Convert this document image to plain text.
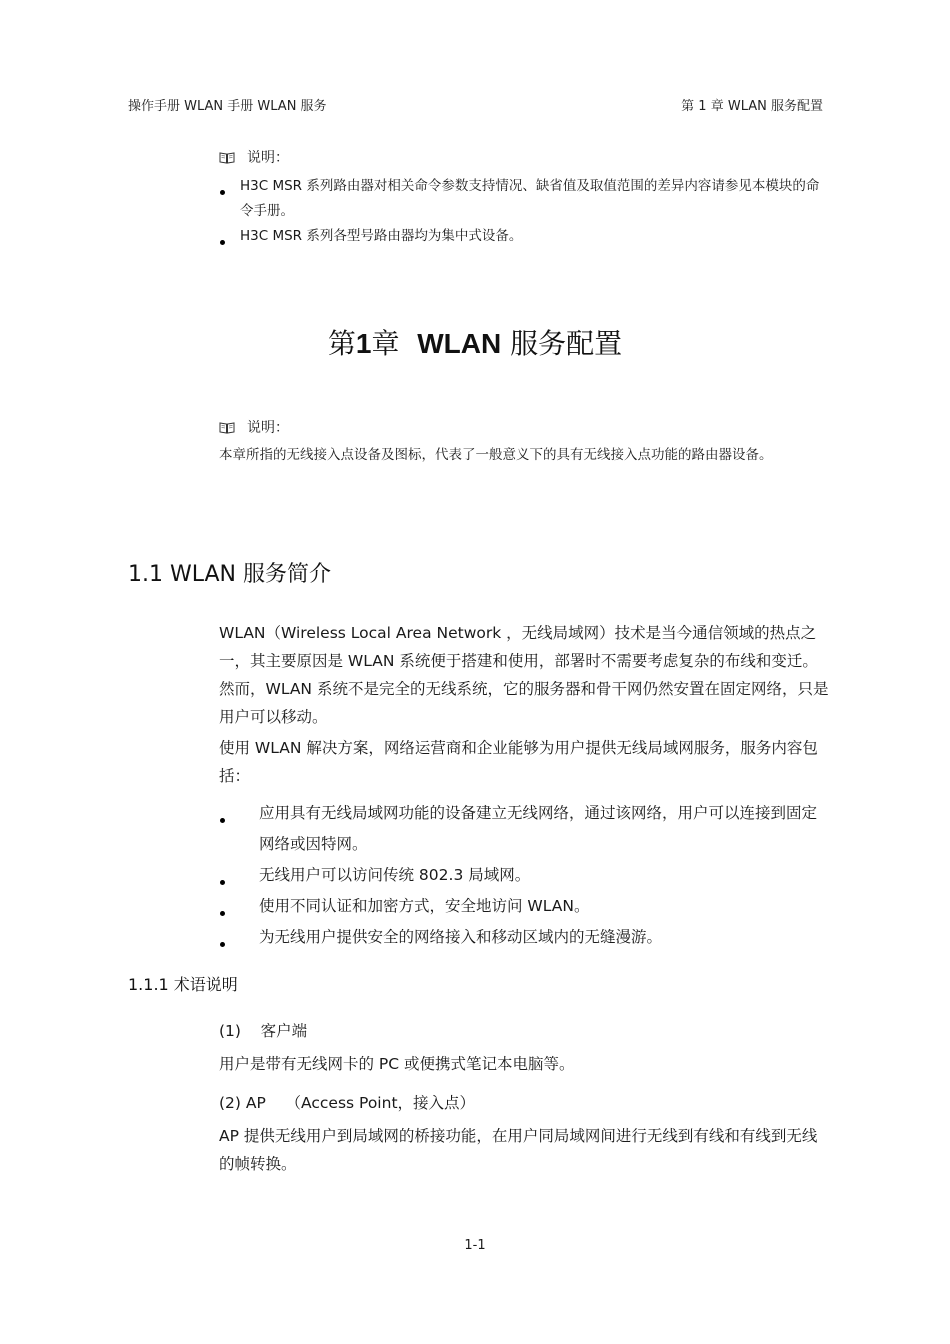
操作手册 WLAN 手册 WLAN 服务	第 1 章 WLAN 服务配置
说明：
H3C MSR 系列路由器对相关命令参数支持情况、缺省值及取值范围的差异内容请参见本模块的命令手册。
H3C MSR 系列各型号路由器均为集中式设备。
第1章  WLAN 服务配置
说明：
本章所指的无线接入点设备及图标，代表了一般意义下的具有无线接入点功能的路由器设备。
1.1 WLAN 服务简介
WLAN（Wireless Local Area Network ，无线局域网）技术是当今通信领域的热点之一，其主要原因是 WLAN 系统便于搭建和使用，部署时不需要考虑复杂的布线和变迁。然而，WLAN 系统不是完全的无线系统，它的服务器和骨干网仍然安置在固定网络，只是用户可以移动。
使用 WLAN 解决方案，网络运营商和企业能够为用户提供无线局域网服务，服务内容包括：
应用具有无线局域网功能的设备建立无线网络，通过该网络，用户可以连接到固定网络或因特网。
无线用户可以访问传统 802.3 局域网。
使用不同认证和加密方式，安全地访问 WLAN。
为无线用户提供安全的网络接入和移动区域内的无缝漫游。
1.1.1 术语说明
(1)    客户端
用户是带有无线网卡的 PC 或便携式笔记本电脑等。
(2) AP    （Access Point，接入点）
AP 提供无线用户到局域网的桥接功能，在用户同局域网间进行无线到有线和有线到无线的帧转换。
1-1
